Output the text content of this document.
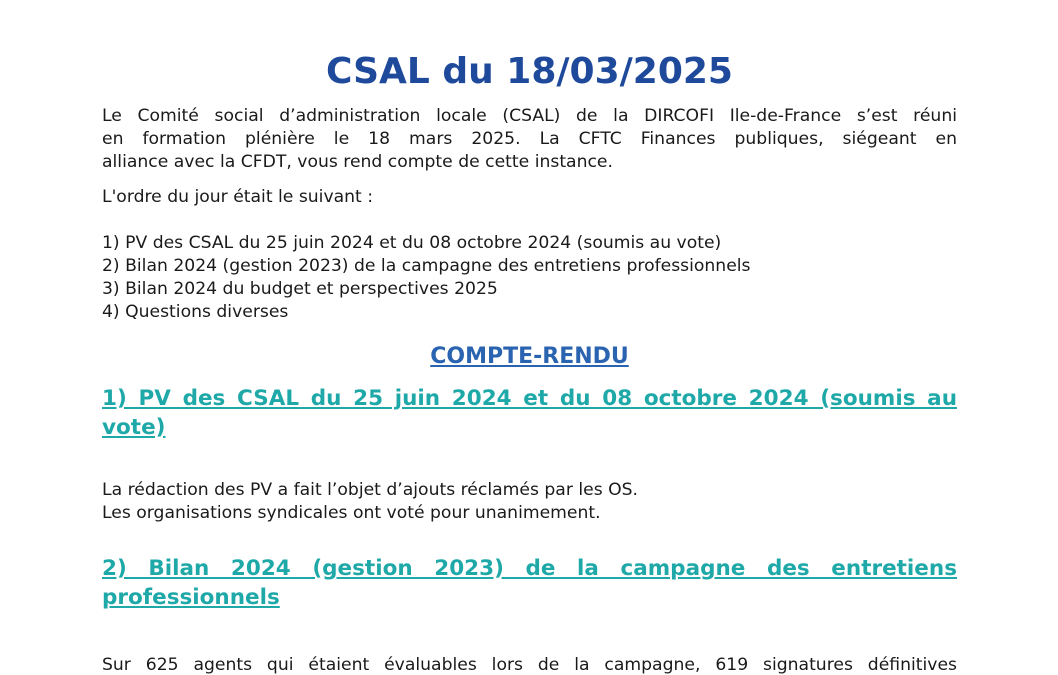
CSAL du 18/03/2025
Le Comité social d’administration locale (CSAL) de la DIRCOFI Ile-de-France s’est réuni
en formation plénière le 18 mars 2025. La CFTC Finances publiques, siégeant en
alliance avec la CFDT, vous rend compte de cette instance.

L'ordre du jour était le suivant :

1) PV des CSAL du 25 juin 2024 et du 08 octobre 2024 (soumis au vote)
2) Bilan 2024 (gestion 2023) de la campagne des entretiens professionnels
3) Bilan 2024 du budget et perspectives 2025
4) Questions diverses
COMPTE-RENDU
1) PV des CSAL du 25 juin 2024 et du 08 octobre 2024 (soumis au
vote)
La rédaction des PV a fait l’objet d’ajouts réclamés par les OS.
Les organisations syndicales ont voté pour unanimement.
2) Bilan 2024 (gestion 2023) de la campagne des entretiens
professionnels
Sur 625 agents qui étaient évaluables lors de la campagne, 619 signatures définitives
